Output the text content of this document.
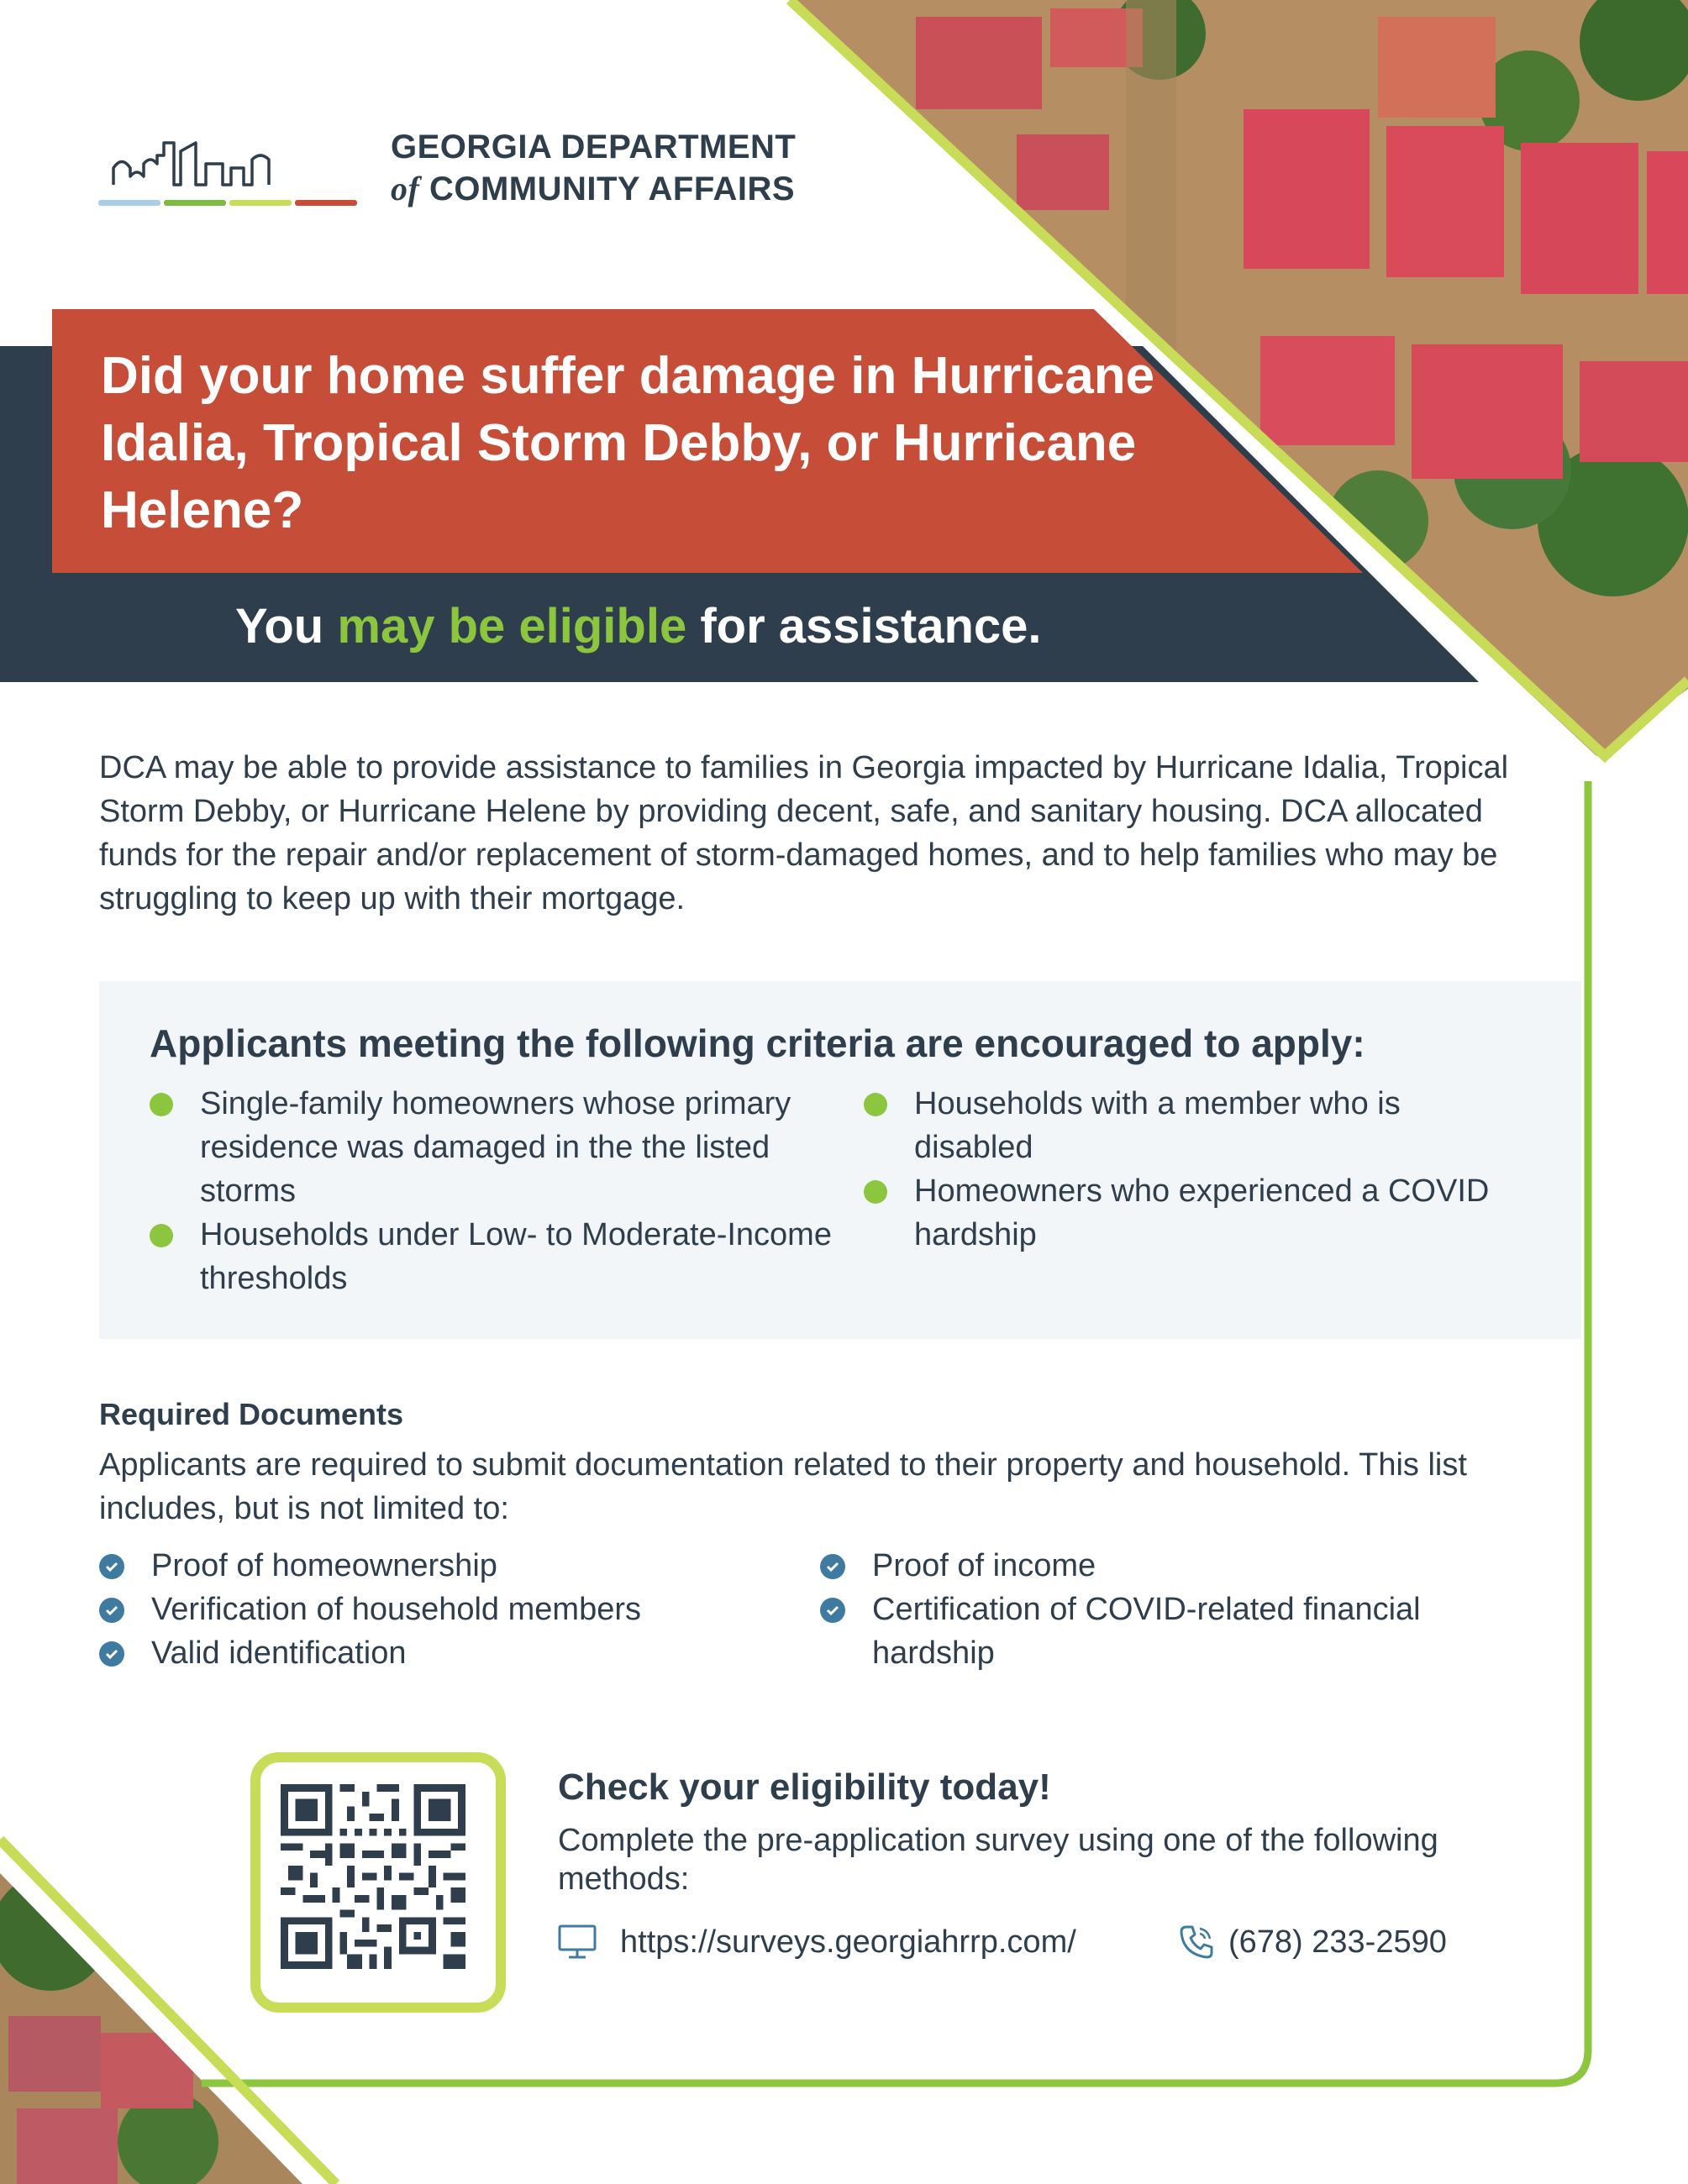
GEORGIA DEPARTMENT
of COMMUNITY AFFAIRS
Did your home suffer damage in Hurricane Idalia, Tropical Storm Debby, or Hurricane Helene?

You may be eligible for assistance.

DCA may be able to provide assistance to families in Georgia impacted by Hurricane Idalia, Tropical Storm Debby, or Hurricane Helene by providing decent, safe, and sanitary housing. DCA allocated funds for the repair and/or replacement of storm-damaged homes, and to help families who may be struggling to keep up with their mortgage.

Applicants meeting the following criteria are encouraged to apply:
Single-family homeowners whose primary residence was damaged in the the listed storms
Households under Low- to Moderate-Income thresholds
Households with a member who is disabled
Homeowners who experienced a COVID hardship
Required Documents

Applicants are required to submit documentation related to their property and household. This list includes, but is not limited to:

Proof of homeownership
Verification of household members
Valid identification
Proof of income
Certification of COVID-related financial hardship
Check your eligibility today!

Complete the pre-application survey using one of the following methods:

https://surveys.georgiahrrp.com/	(678) 233-2590
